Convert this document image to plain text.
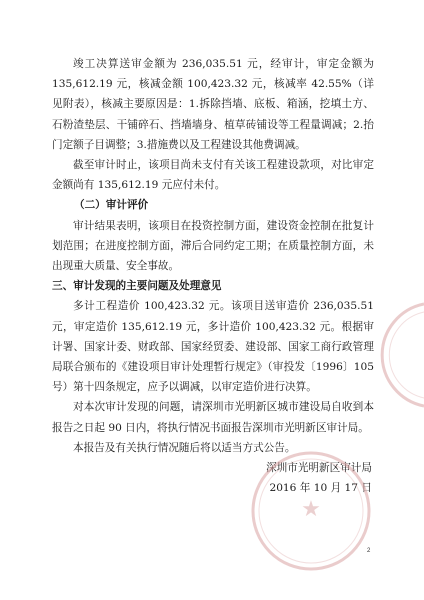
竣工决算送审金额为 236,035.51 元，经审计，审定金额为 135,612.19 元，核减金额 100,423.32 元，核减率 42.55%（详见附表），核减主要原因是：1.拆除挡墙、底板、箱涵，挖填土方、石粉渣垫层、干铺碎石、挡墙墙身、植草砖铺设等工程量调减；2.抬门定额子目调整；3.措施费以及工程建设其他费调减。

截至审计时止，该项目尚未支付有关该工程建设款项，对比审定金额尚有 135,612.19 元应付未付。

（二）审计评价

审计结果表明，该项目在投资控制方面，建设资金控制在批复计划范围；在进度控制方面，滞后合同约定工期；在质量控制方面，未出现重大质量、安全事故。

三、审计发现的主要问题及处理意见

多计工程造价 100,423.32 元。该项目送审造价 236,035.51 元，审定造价 135,612.19 元，多计造价 100,423.32 元。根据审计署、国家计委、财政部、国家经贸委、建设部、国家工商行政管理局联合颁布的《建设项目审计处理暂行规定》（审投发〔1996〕105 号）第十四条规定，应予以调减，以审定造价进行决算。

对本次审计发现的问题，请深圳市光明新区城市建设局自收到本报告之日起 90 日内，将执行情况书面报告深圳市光明新区审计局。

本报告及有关执行情况随后将以适当方式公告。

深圳市光明新区审计局

2016 年 10 月 17 日

★
2
